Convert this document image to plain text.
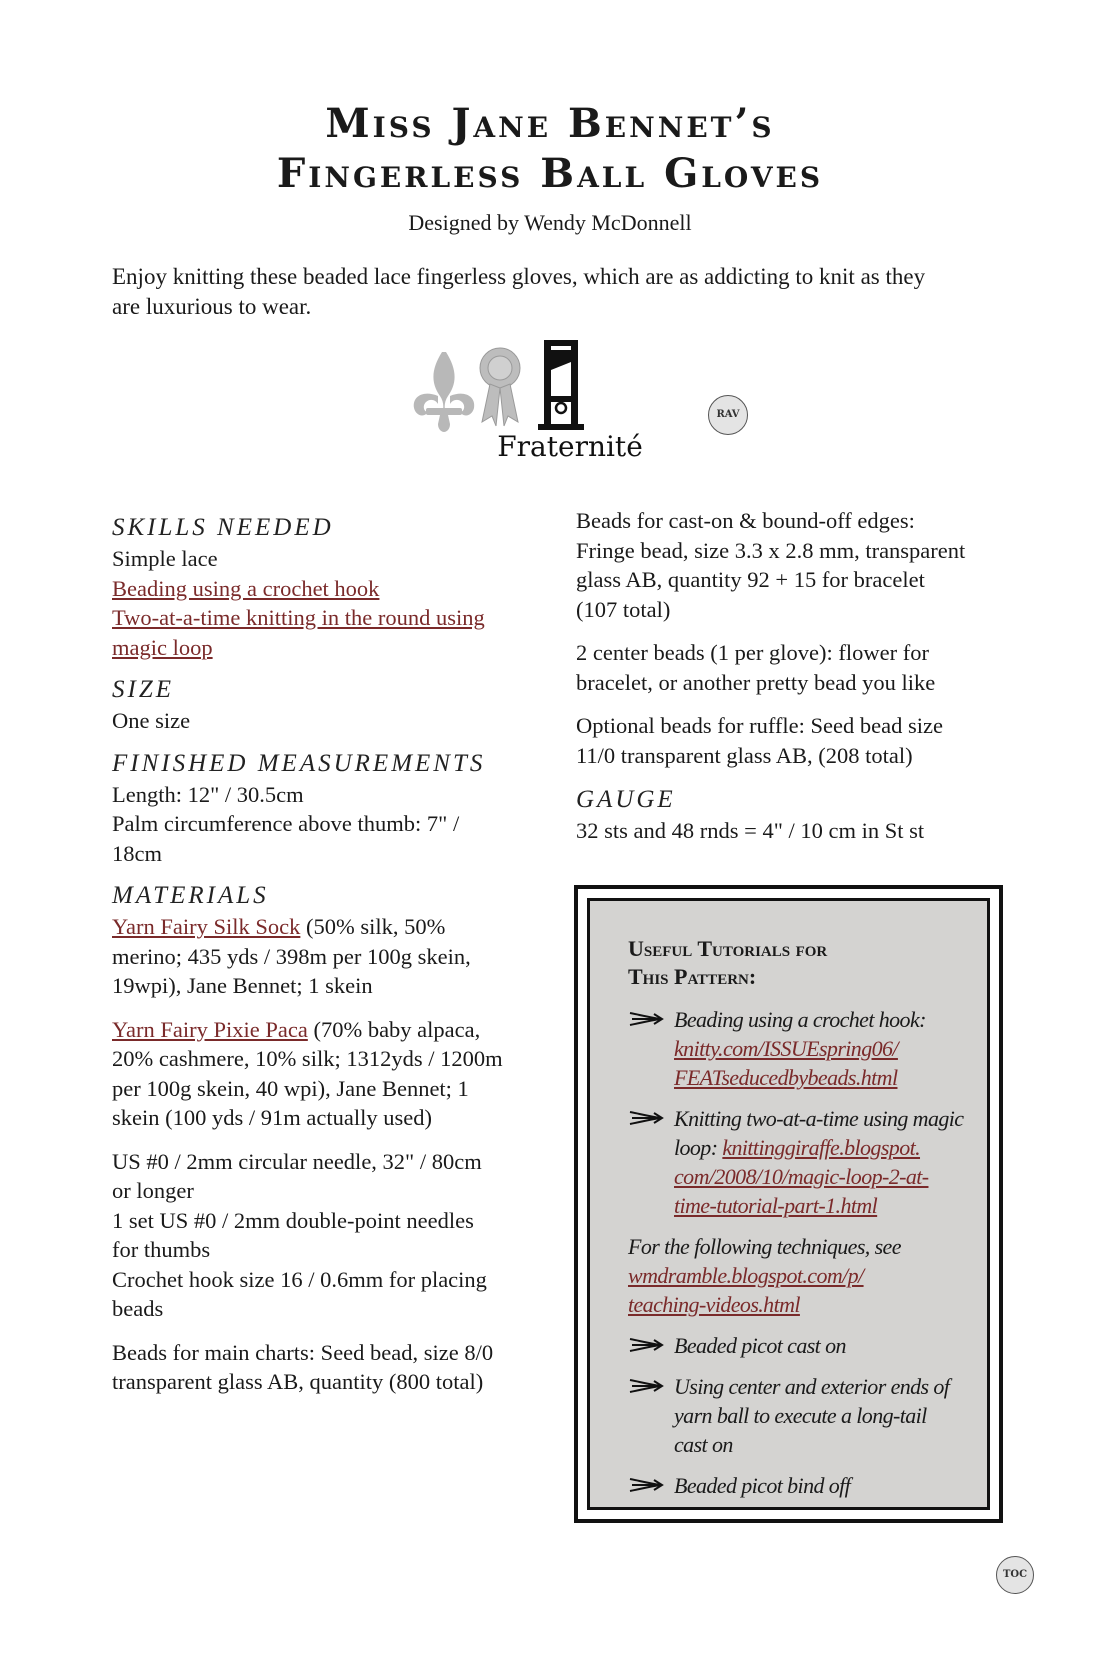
Miss Jane Bennet’s
Fingerless Ball Gloves
Designed by Wendy McDonnell
Enjoy knitting these beaded lace fingerless gloves, which are as addicting to knit as they
are luxurious to wear.
Fraternité
RAV
SKILLS NEEDED
Simple lace
Beading using a crochet hook
Two-at-a-time knitting in the round using
magic loop
SIZE
One size
FINISHED MEASUREMENTS
Length: 12" / 30.5cm
Palm circumference above thumb: 7" /
18cm
MATERIALS

Yarn Fairy Silk Sock (50% silk, 50%
merino; 435 yds / 398m per 100g skein,
19wpi), Jane Bennet; 1 skein

Yarn Fairy Pixie Paca (70% baby alpaca,
20% cashmere, 10% silk; 1312yds / 1200m
per 100g skein, 40 wpi), Jane Bennet; 1
skein (100 yds / 91m actually used)

US #0 / 2mm circular needle, 32" / 80cm
or longer
1 set US #0 / 2mm double-point needles
for thumbs
Crochet hook size 16 / 0.6mm for placing
beads

Beads for main charts: Seed bead, size 8/0
transparent glass AB, quantity (800 total)

Beads for cast-on & bound-off edges:
Fringe bead, size 3.3 x 2.8 mm, transparent
glass AB, quantity 92 + 15 for bracelet
(107 total)

2 center beads (1 per glove): flower for
bracelet, or another pretty bead you like

Optional beads for ruffle: Seed bead size
11/0 transparent glass AB, (208 total)

GAUGE
32 sts and 48 rnds = 4" / 10 cm in St st
Useful Tutorials for
This Pattern:
Beading using a crochet hook:
knitty.com/ISSUEspring06/
FEATseducedbybeads.html
Knitting two-at-a-time using magic
loop: knittinggiraffe.blogspot.
com/2008/10/magic-loop-2-at-
time-tutorial-part-1.html
For the following techniques, see
wmdramble.blogspot.com/p/
teaching-videos.html
Beaded picot cast on
Using center and exterior ends of
yarn ball to execute a long-tail
cast on
Beaded picot bind off
TOC
